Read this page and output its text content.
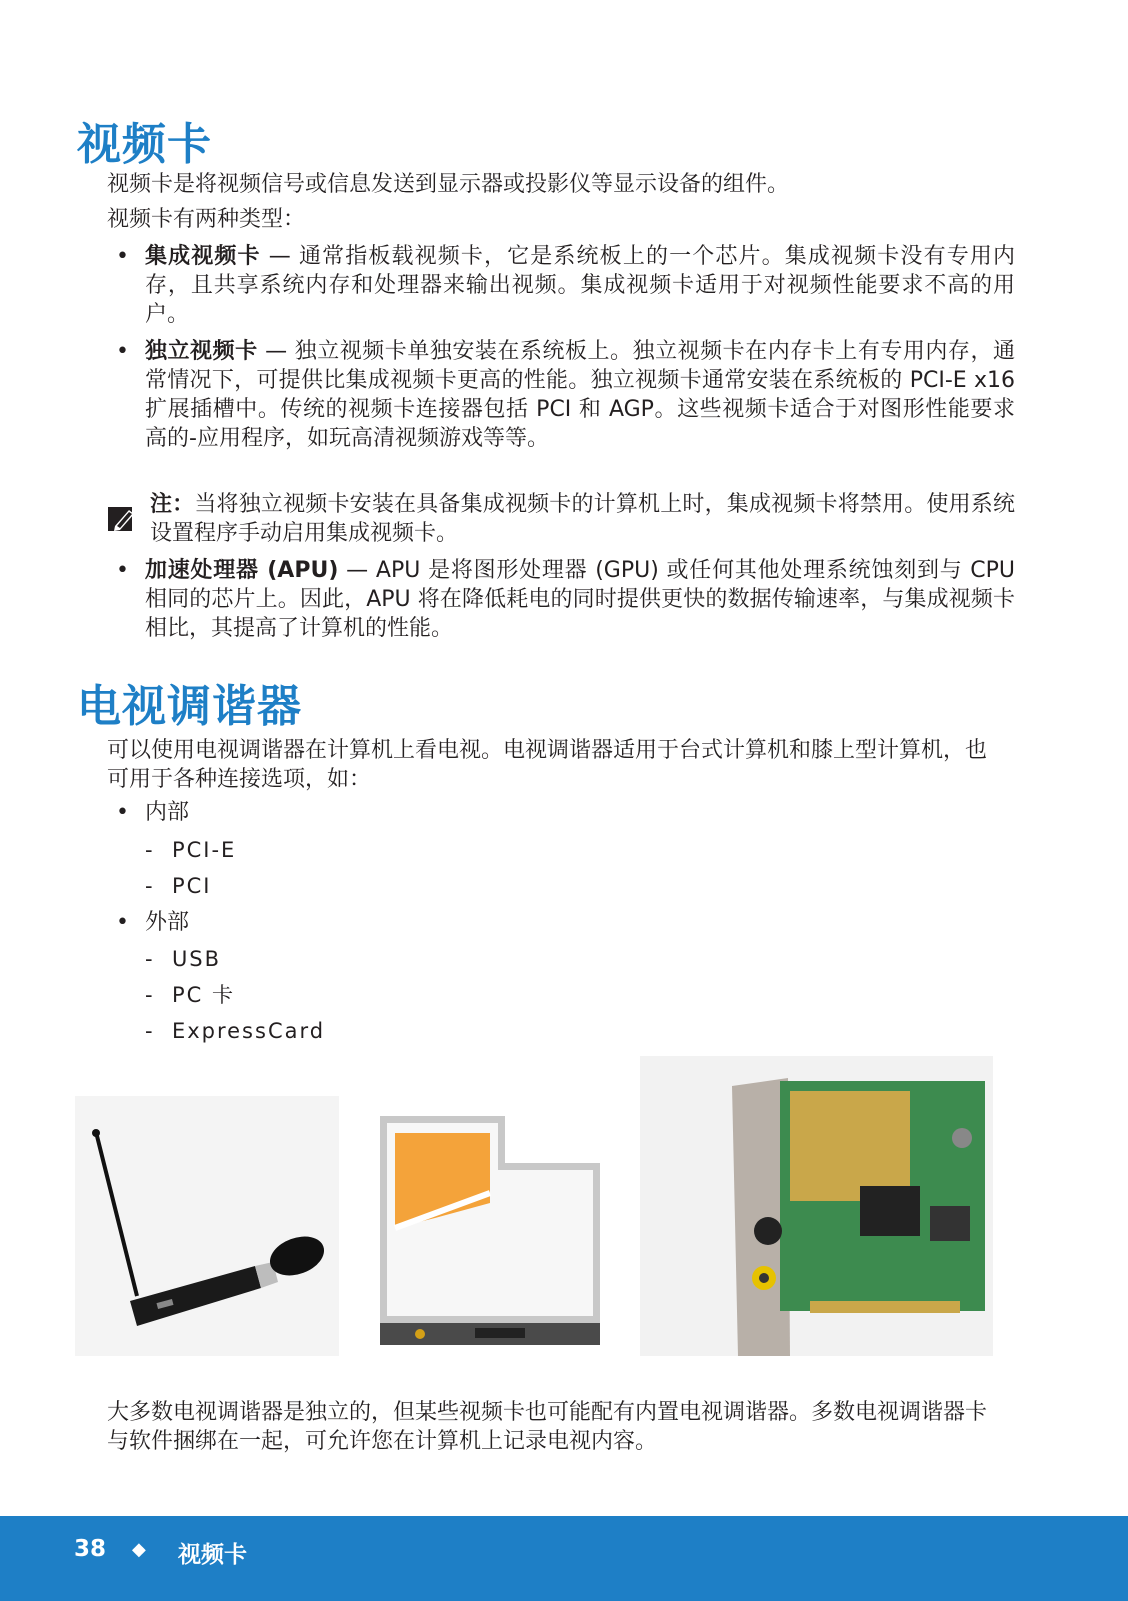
视频卡

视频卡是将视频信号或信息发送到显示器或投影仪等显示设备的组件。

视频卡有两种类型：

• 集成视频卡 — 通常指板载视频卡，它是系统板上的一个芯片。集成视频卡没有专用内存，且共享系统内存和处理器来输出视频。集成视频卡适用于对视频性能要求不高的用户。

• 独立视频卡 — 独立视频卡单独安装在系统板上。独立视频卡在内存卡上有专用内存，通常情况下，可提供比集成视频卡更高的性能。独立视频卡通常安装在系统板的 PCI-E x16 扩展插槽中。传统的视频卡连接器包括 PCI 和 AGP。这些视频卡适合于对图形性能要求高的-应用程序，如玩高清视频游戏等等。

注：当将独立视频卡安装在具备集成视频卡的计算机上时，集成视频卡将禁用。使用系统设置程序手动启用集成视频卡。

• 加速处理器 (APU) — APU 是将图形处理器 (GPU) 或任何其他处理系统蚀刻到与 CPU 相同的芯片上。因此，APU 将在降低耗电的同时提供更快的数据传输速率，与集成视频卡相比，其提高了计算机的性能。

电视调谐器

可以使用电视调谐器在计算机上看电视。电视调谐器适用于台式计算机和膝上型计算机，也可用于各种连接选项，如：

• 内部
-  PCI-E
-  PCI
• 外部
-  USB
-  PC 卡
-  ExpressCard

大多数电视调谐器是独立的，但某些视频卡也可能配有内置电视调谐器。多数电视调谐器卡与软件捆绑在一起，可允许您在计算机上记录电视内容。

38 ◆ 视频卡
